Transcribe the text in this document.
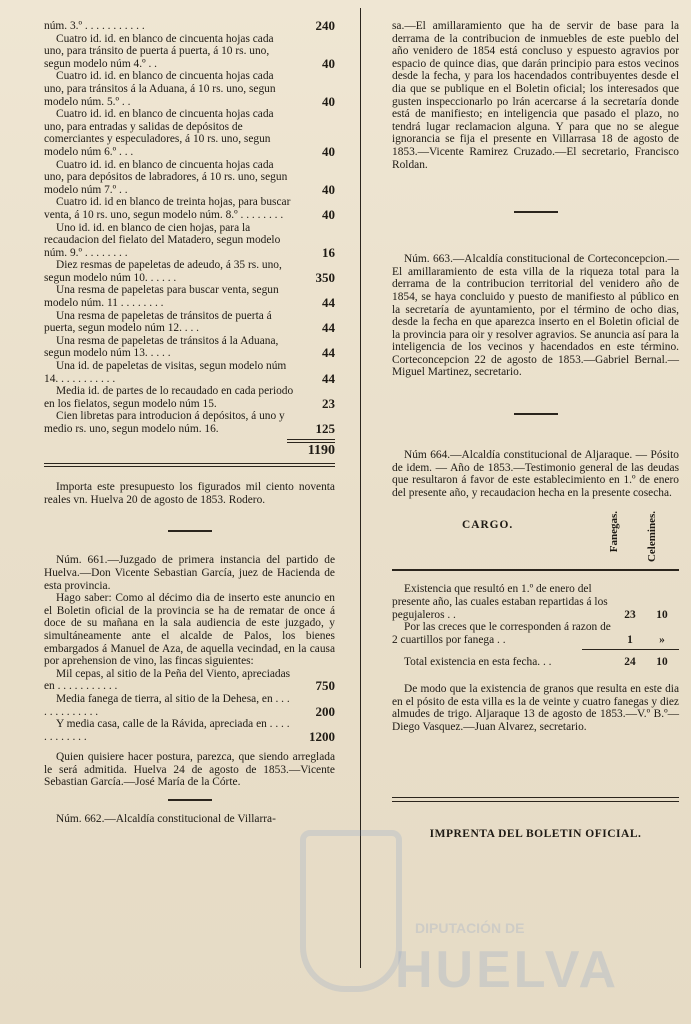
núm. 3.º . . . . . . . . . . .	240
Cuatro id. id. en blanco de cincuenta hojas cada uno, para tránsito de puerta á puerta, á 10 rs. uno, segun modelo núm 4.º . .	40
Cuatro id. id. en blanco de cincuenta hojas cada uno, para tránsitos á la Aduana, á 10 rs. uno, segun modelo núm. 5.º . .	40
Cuatro id. id. en blanco de cincuenta hojas cada uno, para entradas y salidas de depósitos de comerciantes y especuladores, á 10 rs. uno, segun modelo núm 6.º . . .	40
Cuatro id. id. en blanco de cincuenta hojas cada uno, para depósitos de labradores, á 10 rs. uno, segun modelo núm 7.º . .	40
Cuatro id. id en blanco de treinta hojas, para buscar venta, á 10 rs. uno, segun modelo núm. 8.º . . . . . . . .	40
Uno id. id. en blanco de cien hojas, para la recaudacion del fielato del Matadero, segun modelo núm. 9.º . . . . . . . .	16
Diez resmas de papeletas de adeudo, á 35 rs. uno, segun modelo núm 10. . . . . .	350
Una resma de papeletas para buscar venta, segun modelo núm. 11 . . . . . . . .	44
Una resma de papeletas de tránsitos de puerta á puerta, segun modelo núm 12. . . .	44
Una resma de papeletas de tránsitos á la Aduana, segun modelo núm 13. . . . .	44
Una id. de papeletas de visitas, segun modelo núm 14. . . . . . . . . . .	44
Media id. de partes de lo recaudado en cada periodo en los fielatos, segun modelo núm 15.	23
Cien libretas para introducion á depósitos, á uno y medio rs. uno, segun modelo núm. 16.	125
1190

Importa este presupuesto los figurados mil ciento noventa reales vn. Huelva 20 de agosto de 1853. Rodero.

Núm. 661.—Juzgado de primera instancia del partido de Huelva.—Don Vicente Sebastian García, juez de Hacienda de esta provincia.

Hago saber: Como al décimo dia de inserto este anuncio en el Boletin oficial de la provincia se ha de rematar de once á doce de su mañana en la sala audiencia de este juzgado, y simultáneamente ante el alcalde de Palos, los bienes embargados á Manuel de Aza, de aquella vecindad, en la causa por aprehension de vino, las fincas siguientes:

Mil cepas, al sitio de la Peña del Viento, apreciadas en . . . . . . . . . . .	750
Media fanega de tierra, al sitio de la Dehesa, en . . . . . . . . . . . . .	200
Y media casa, calle de la Rávida, apreciada en . . . . . . . . . . . .	1200

Quien quisiere hacer postura, parezca, que siendo arreglada le será admitida. Huelva 24 de agosto de 1853.—Vicente Sebastian García.—José María de la Córte.

Núm. 662.—Alcaldía constitucional de Villarra-

sa.—El amillaramiento que ha de servir de base para la derrama de la contribucion de inmuebles de este pueblo del año venidero de 1854 está concluso y espuesto agravios por espacio de quince dias, que darán principio para estos vecinos desde la fecha, y para los hacendados contribuyentes desde el dia que se publique en el Boletin oficial; los interesados que gusten inspeccionarlo po lrán acercarse á la secretaría donde está de manifiesto; en inteligencia que pasado el plazo, no tendrá lugar reclamacion alguna. Y para que no se alegue ignorancia se fija el presente en Villarrasa 18 de agosto de 1853.—Vicente Ramirez Cruzado.—El secretario, Francisco Roldan.

Núm. 663.—Alcaldía constitucional de Corteconcepcion.—El amillaramiento de esta villa de la riqueza total para la derrama de la contribucion territorial del venidero año de 1854, se haya concluido y puesto de manifiesto al público en la secretaría de ayuntamiento, por el término de ocho dias, desde la fecha en que aparezca inserto en el Boletin oficial de la provincia para oir y resolver agravios. Se anuncia así para la inteligencia de los vecinos y hacendados en este término. Corteconcepcion 22 de agosto de 1853.—Gabriel Bernal.—Miguel Martinez, secretario.

Núm 664.—Alcaldía constitucional de Aljaraque. — Pósito de idem. — Año de 1853.—Testimonio general de las deudas que resultaron á favor de este establecimiento en 1.º de enero del presente año, y recaudacion hecha en la presente cosecha.

CARGO.	Fanegas. Celemines.
Existencia que resultó en 1.º de enero del presente año, las cuales estaban repartidas á los pegujaleros . .	23	10
Por las creces que le corresponden á razon de 2 cuartillos por fanega . .	1	»
Total existencia en esta fecha. . .	24	10

De modo que la existencia de granos que resulta en este dia en el pósito de esta villa es la de veinte y cuatro fanegas y diez almudes de trigo. Aljaraque 13 de agosto de 1853.—V.º B.º—Diego Vasquez.—Juan Alvarez, secretario.

IMPRENTA DEL BOLETIN OFICIAL.
DIPUTACIÓN DE
HUELVA
